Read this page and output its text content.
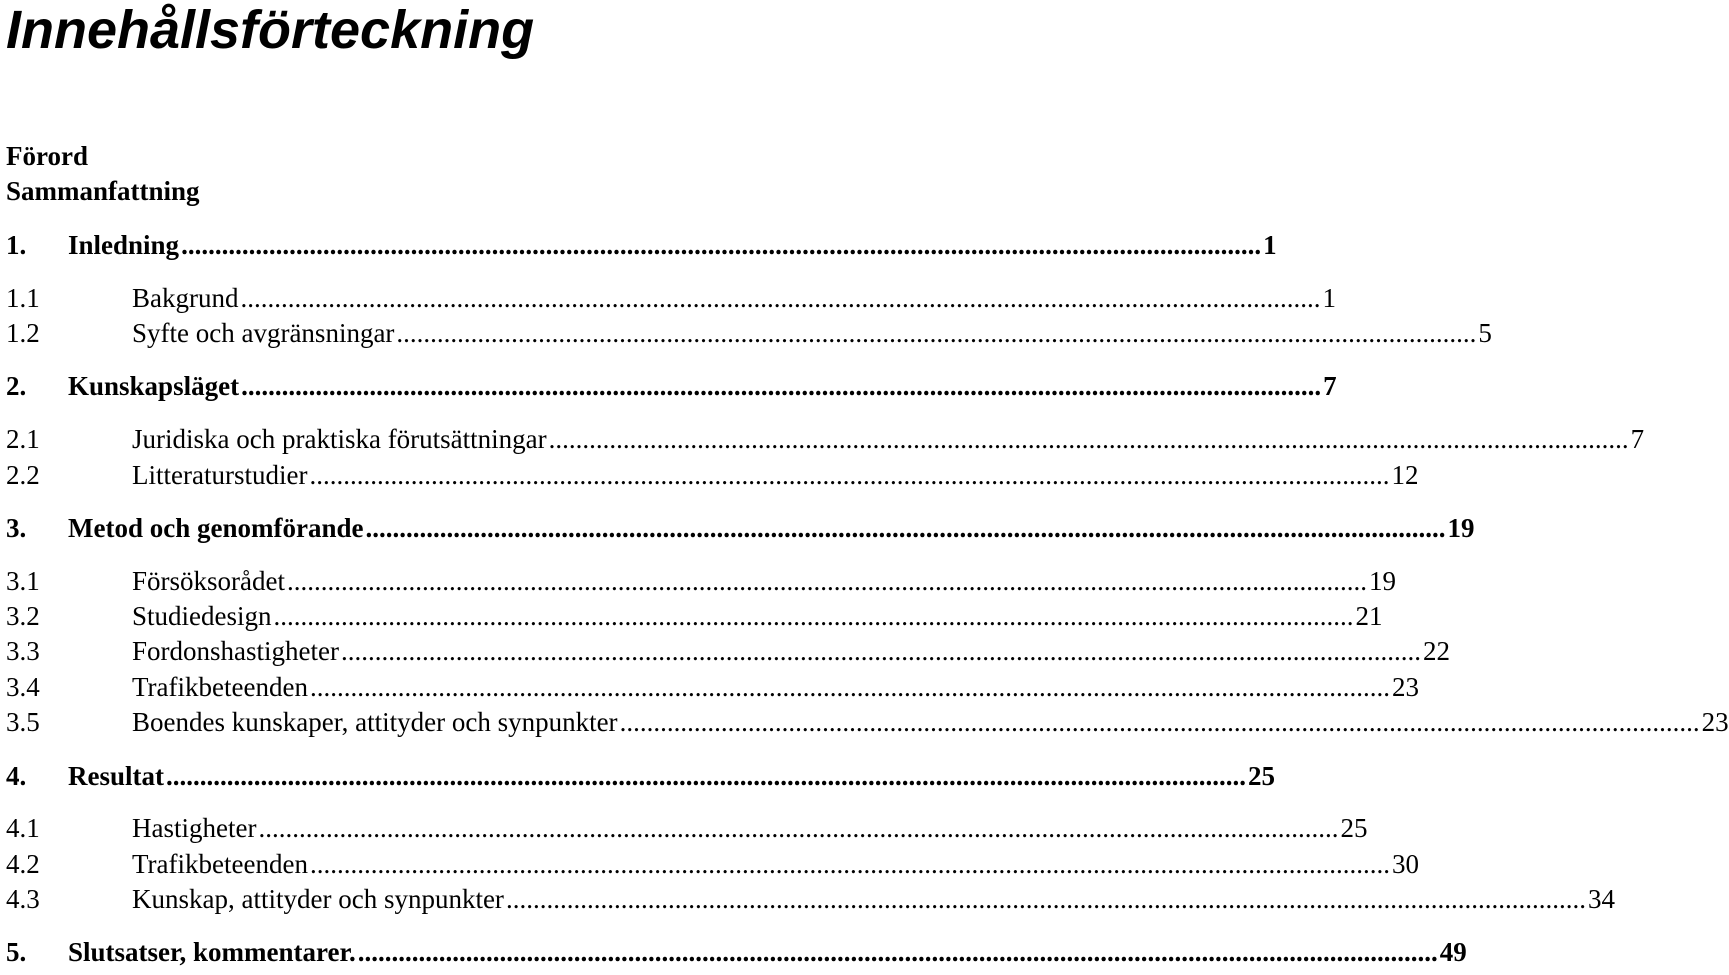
Innehållsförteckning
Förord
Sammanfattning
1. Inledning ................................................................................................................................................................ 1
1.1	Bakgrund ................................................................................................................................................................ 1
1.2	Syfte och avgränsningar ................................................................................................................................................................ 5
2. Kunskapsläget ................................................................................................................................................................ 7
2.1	Juridiska och praktiska förutsättningar ................................................................................................................................................................ 7
2.2	Litteraturstudier ................................................................................................................................................................ 12
3. Metod och genomförande ................................................................................................................................................................ 19
3.1	Försöksorådet ................................................................................................................................................................ 19
3.2	Studiedesign ................................................................................................................................................................ 21
3.3	Fordonshastigheter ................................................................................................................................................................ 22
3.4	Trafikbeteenden ................................................................................................................................................................ 23
3.5	Boendes kunskaper, attityder och synpunkter ................................................................................................................................................................ 23
4. Resultat ................................................................................................................................................................ 25
4.1	Hastigheter ................................................................................................................................................................ 25
4.2	Trafikbeteenden ................................................................................................................................................................ 30
4.3	Kunskap, attityder och synpunkter ................................................................................................................................................................ 34
5. Slutsatser, kommentarer. ................................................................................................................................................................ 49
